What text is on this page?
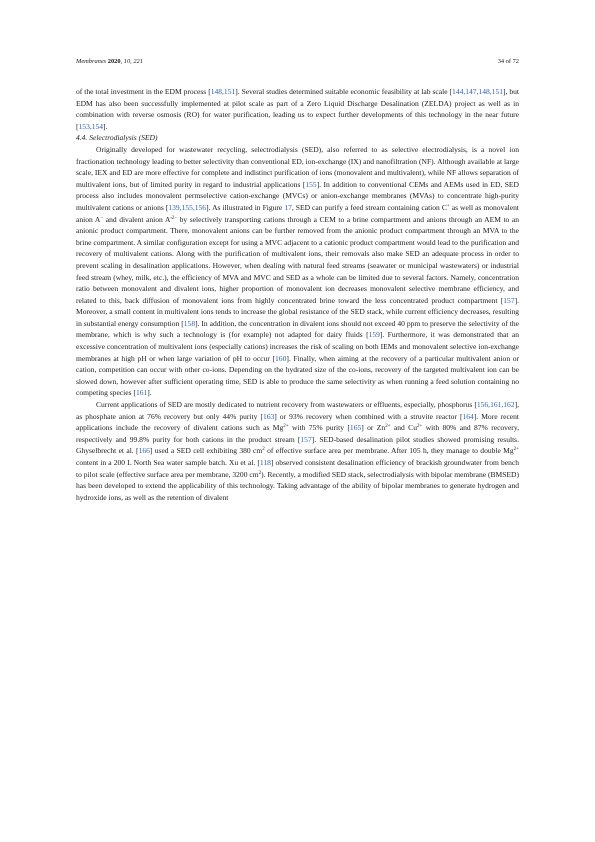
Membranes 2020, 10, 221	34 of 72

of the total investment in the EDM process [148,151]. Several studies determined suitable economic feasibility at lab scale [144,147,148,151], but EDM has also been successfully implemented at pilot scale as part of a Zero Liquid Discharge Desalination (ZELDA) project as well as in combination with reverse osmosis (RO) for water purification, leading us to expect further developments of this technology in the near future [153,154].

4.4. Selectrodialysis (SED)

Originally developed for wastewater recycling, selectrodialysis (SED), also referred to as selective electrodialysis, is a novel ion fractionation technology leading to better selectivity than conventional ED, ion-exchange (IX) and nanofiltration (NF). Although available at large scale, IEX and ED are more effective for complete and indistinct purification of ions (monovalent and multivalent), while NF allows separation of multivalent ions, but of limited purity in regard to industrial applications [155]. In addition to conventional CEMs and AEMs used in ED, SED process also includes monovalent permselective cation-exchange (MVCs) or anion-exchange membranes (MVAs) to concentrate high-purity multivalent cations or anions [139,155,156]. As illustrated in Figure 17, SED can purify a feed stream containing cation C+ as well as monovalent anion A− and divalent anion $A'^{2-}$ by selectively transporting cations through a CEM to a brine compartment and anions through an AEM to an anionic product compartment. There, monovalent anions can be further removed from the anionic product compartment through an MVA to the brine compartment. A similar configuration except for using a MVC adjacent to a cationic product compartment would lead to the purification and recovery of multivalent cations. Along with the purification of multivalent ions, their removals also make SED an adequate process in order to prevent scaling in desalination applications. However, when dealing with natural feed streams (seawater or municipal wastewaters) or industrial feed stream (whey, milk, etc.), the efficiency of MVA and MVC and SED as a whole can be limited due to several factors. Namely, concentration ratio between monovalent and divalent ions, higher proportion of monovalent ion decreases monovalent selective membrane efficiency, and related to this, back diffusion of monovalent ions from highly concentrated brine toward the less concentrated product compartment [157]. Moreover, a small content in multivalent ions tends to increase the global resistance of the SED stack, while current efficiency decreases, resulting in substantial energy consumption [158]. In addition, the concentration in divalent ions should not exceed 40 ppm to preserve the selectivity of the membrane, which is why such a technology is (for example) not adapted for dairy fluids [159]. Furthermore, it was demonstrated that an excessive concentration of multivalent ions (especially cations) increases the risk of scaling on both IEMs and monovalent selective ion-exchange membranes at high pH or when large variation of pH to occur [160]. Finally, when aiming at the recovery of a particular multivalent anion or cation, competition can occur with other co-ions. Depending on the hydrated size of the co-ions, recovery of the targeted multivalent ion can be slowed down, however after sufficient operating time, SED is able to produce the same selectivity as when running a feed solution containing no competing species [161].

Current applications of SED are mostly dedicated to nutrient recovery from wastewaters or effluents, especially, phosphorus [156,161,162], as phosphate anion at 76% recovery but only 44% purity [163] or 93% recovery when combined with a struvite reactor [164]. More recent applications include the recovery of divalent cations such as $Mg^{2+}$ with 75% purity [165] or $Zn^{2+}$ and $Cu^{2+}$ with 80% and 87% recovery, respectively and 99.8% purity for both cations in the product stream [157]. SED-based desalination pilot studies showed promising results. Ghyselbrecht et al. [166] used a SED cell exhibiting 380 $cm^2$ of effective surface area per membrane. After 105 h, they manage to double $Mg^{2+}$ content in a 200 L North Sea water sample batch. Xu et al. [118] observed consistent desalination efficiency of brackish groundwater from bench to pilot scale (effective surface area per membrane, 3200 $cm^2$). Recently, a modified SED stack, selectrodialysis with bipolar membrane (BMSED) has been developed to extend the applicability of this technology. Taking advantage of the ability of bipolar membranes to generate hydrogen and hydroxide ions, as well as the retention of divalent
